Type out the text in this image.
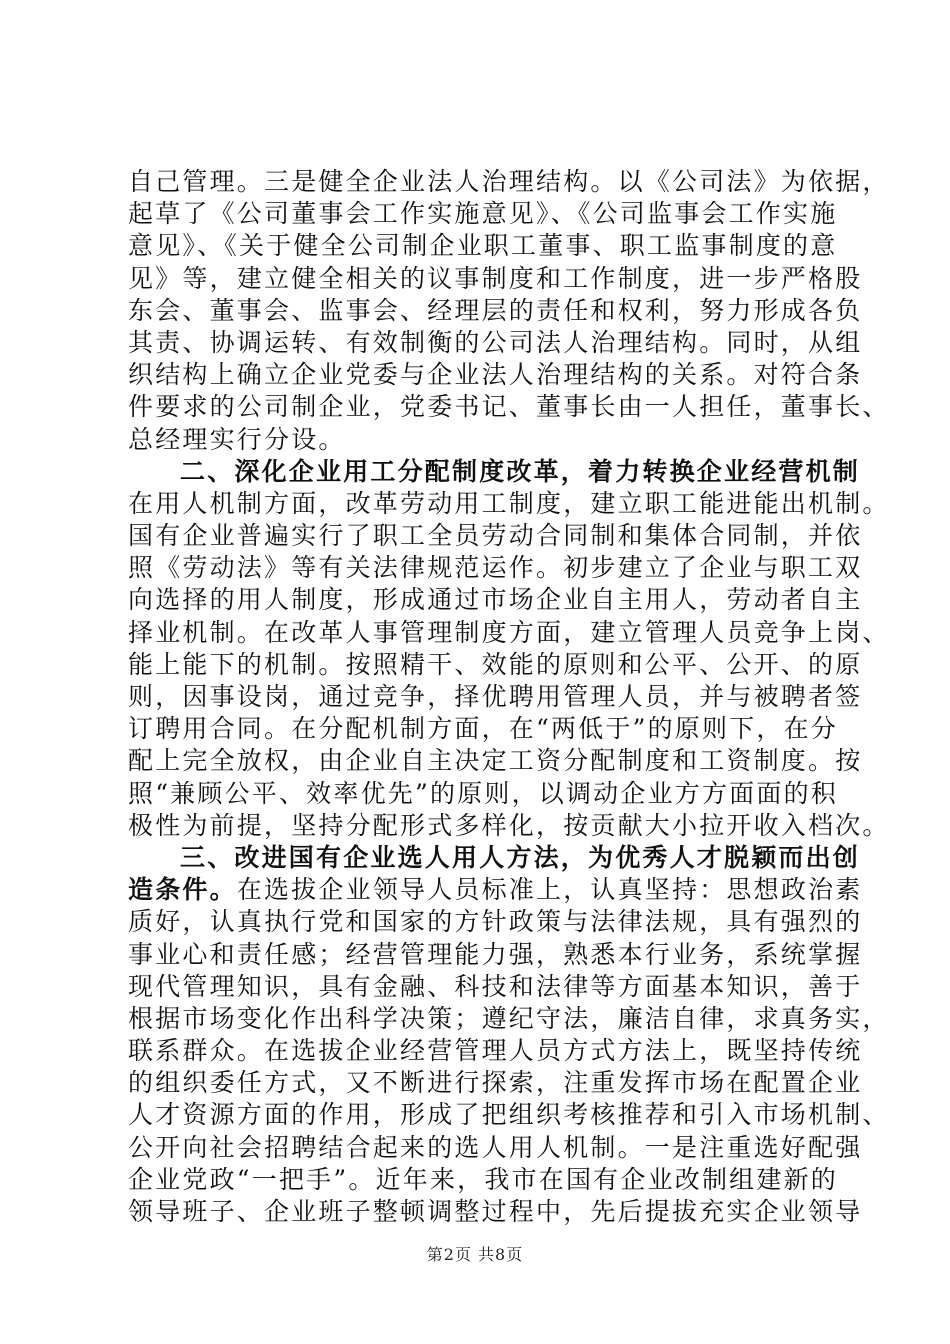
自己管理。三是健全企业法人治理结构。以《公司法》为依据，
起草了《公司董事会工作实施意见》、《公司监事会工作实施
意见》、《关于健全公司制企业职工董事、职工监事制度的意
见》等，建立健全相关的议事制度和工作制度，进一步严格股
东会、董事会、监事会、经理层的责任和权利，努力形成各负
其责、协调运转、有效制衡的公司法人治理结构。同时，从组
织结构上确立企业党委与企业法人治理结构的关系。对符合条
件要求的公司制企业，党委书记、董事长由一人担任，董事长、
总经理实行分设。
二、深化企业用工分配制度改革，着力转换企业经营机制
在用人机制方面，改革劳动用工制度，建立职工能进能出机制。
国有企业普遍实行了职工全员劳动合同制和集体合同制，并依
照《劳动法》等有关法律规范运作。初步建立了企业与职工双
向选择的用人制度，形成通过市场企业自主用人，劳动者自主
择业机制。在改革人事管理制度方面，建立管理人员竞争上岗、
能上能下的机制。按照精干、效能的原则和公平、公开、的原
则，因事设岗，通过竞争，择优聘用管理人员，并与被聘者签
订聘用合同。在分配机制方面，在“两低于”的原则下，在分
配上完全放权，由企业自主决定工资分配制度和工资制度。按
照“兼顾公平、效率优先”的原则，以调动企业方方面面的积
极性为前提，坚持分配形式多样化，按贡献大小拉开收入档次。
三、改进国有企业选人用人方法，为优秀人才脱颖而出创
造条件。在选拔企业领导人员标准上，认真坚持：思想政治素
质好，认真执行党和国家的方针政策与法律法规，具有强烈的
事业心和责任感；经营管理能力强，熟悉本行业务，系统掌握
现代管理知识，具有金融、科技和法律等方面基本知识，善于
根据市场变化作出科学决策；遵纪守法，廉洁自律，求真务实，
联系群众。在选拔企业经营管理人员方式方法上，既坚持传统
的组织委任方式，又不断进行探索，注重发挥市场在配置企业
人才资源方面的作用，形成了把组织考核推荐和引入市场机制、
公开向社会招聘结合起来的选人用人机制。一是注重选好配强
企业党政“一把手”。近年来，我市在国有企业改制组建新的
领导班子、企业班子整顿调整过程中，先后提拔充实企业领导
第2页 共8页
